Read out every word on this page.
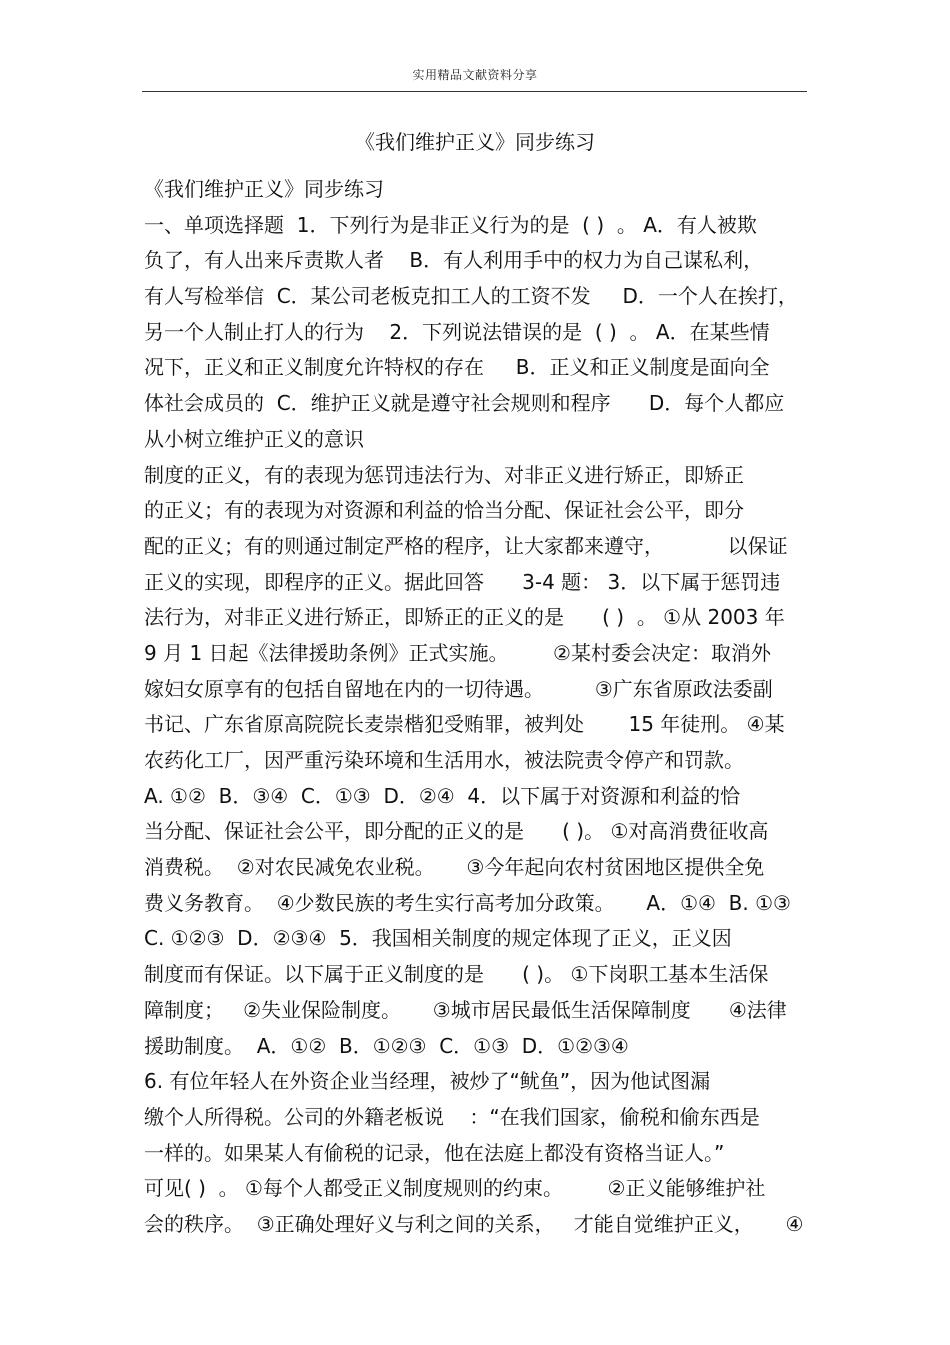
实用精品文献资料分享
《我们维护正义》同步练习
《我们维护正义》同步练习
一、单项选择题  1．下列行为是非正义行为的是  ( )  。 A．有人被欺
负了，有人出来斥责欺人者    B．有人利用手中的权力为自己谋私利，
有人写检举信  C．某公司老板克扣工人的工资不发     D．一个人在挨打，
另一个人制止打人的行为    2．下列说法错误的是  ( )  。 A．在某些情
况下，正义和正义制度允许特权的存在     B．正义和正义制度是面向全
体社会成员的  C．维护正义就是遵守社会规则和程序      D．每个人都应
从小树立维护正义的意识
制度的正义，有的表现为惩罚违法行为、对非正义进行矫正，即矫正
的正义；有的表现为对资源和利益的恰当分配、保证社会公平，即分
配的正义；有的则通过制定严格的程序，让大家都来遵守，          以保证
正义的实现，即程序的正义。据此回答      3-4 题： 3．以下属于惩罚违
法行为，对非正义进行矫正，即矫正的正义的是      ( )  。 ①从 2003 年
9 月 1 日起《法律援助条例》正式实施。       ②某村委会决定：取消外
嫁妇女原享有的包括自留地在内的一切待遇。        ③广东省原政法委副
书记、广东省原高院院长麦崇楷犯受贿罪，被判处       15 年徒刑。 ④某
农药化工厂，因严重污染环境和生活用水，被法院责令停产和罚款。
A. ①②  B．③④  C．①③  D．②④  4．以下属于对资源和利益的恰
当分配、保证社会公平，即分配的正义的是      ( )。 ①对高消费征收高
消费税。  ②对农民减免农业税。     ③今年起向农村贫困地区提供全免
费义务教育。  ④少数民族的考生实行高考加分政策。     A．①④  B. ①③
C. ①②③  D．②③④  5．我国相关制度的规定体现了正义，正义因
制度而有保证。以下属于正义制度的是      ( )。 ①下岗职工基本生活保
障制度；   ②失业保险制度。     ③城市居民最低生活保障制度      ④法律
援助制度。  A．①②  B．①②③  C．①③  D．①②③④
6. 有位年轻人在外资企业当经理，被炒了“鱿鱼”，因为他试图漏
缴个人所得税。公司的外籍老板说    ：“在我们国家，偷税和偷东西是
一样的。如果某人有偷税的记录，他在法庭上都没有资格当证人。”
可见( )  。 ①每个人都受正义制度规则的约束。       ②正义能够维护社
会的秩序。  ③正确处理好义与利之间的关系，   才能自觉维护正义，     ④
